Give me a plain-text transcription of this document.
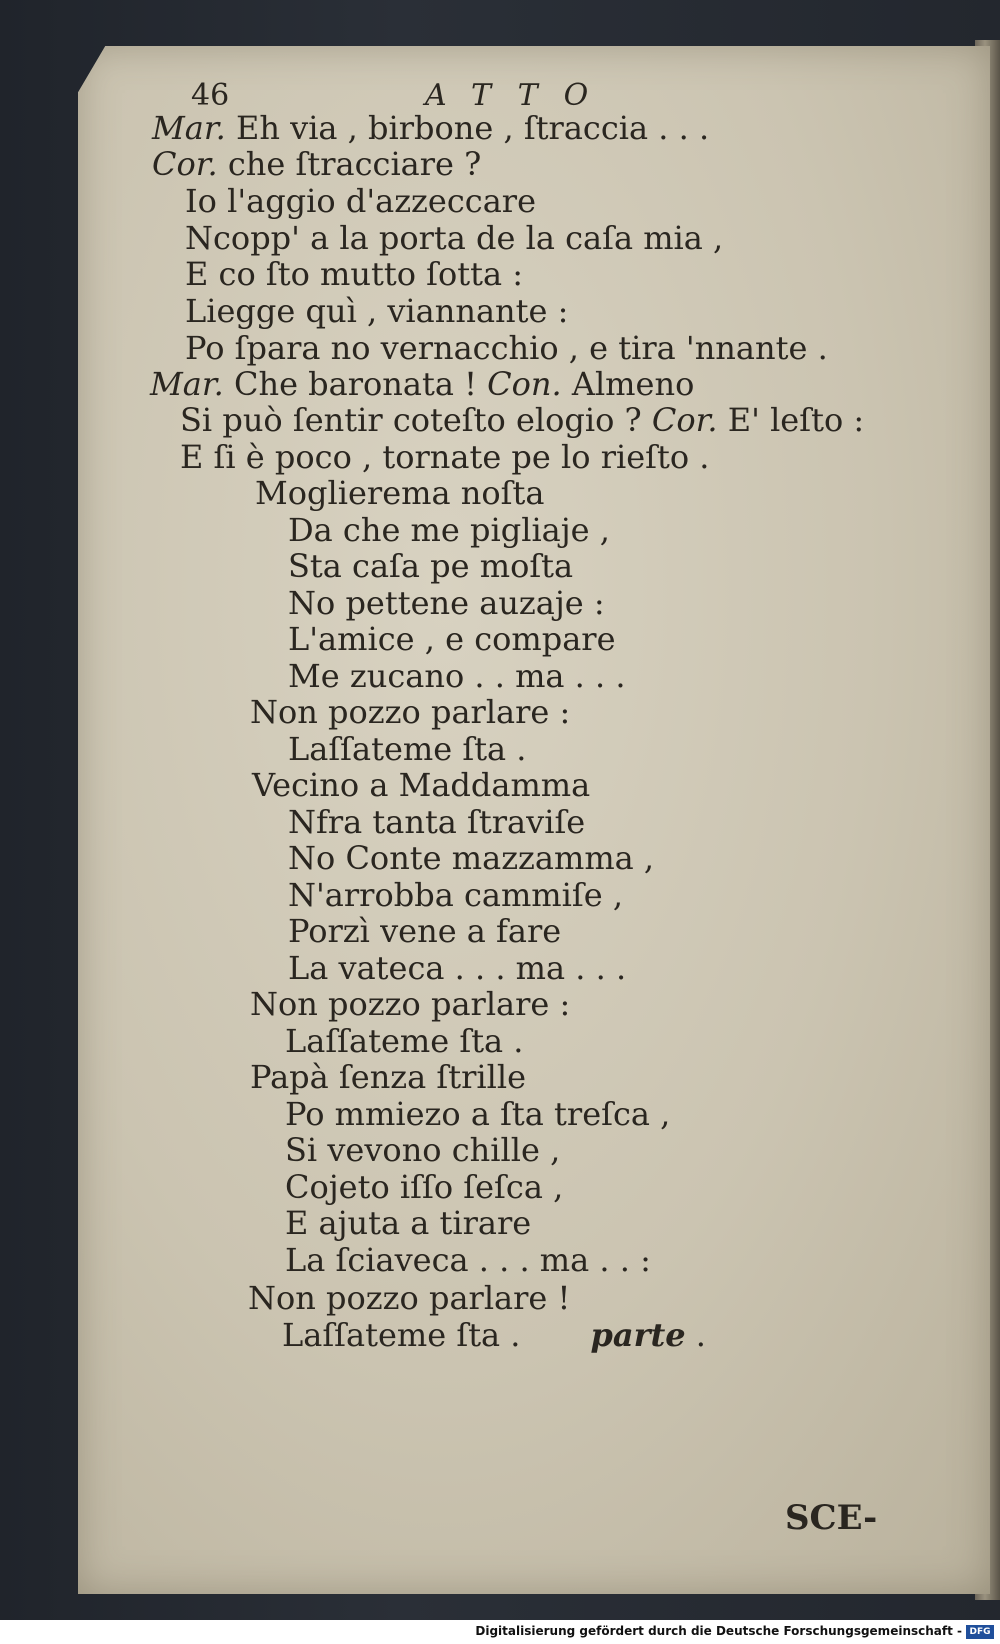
46	ATTO
Mar. Eh via , birbone , ſtraccia . . .
Cor. che ſtracciare ?
Io l'aggio d'azzeccare
Ncopp' a la porta de la caſa mia ,
E co ſto mutto ſotta :
Liegge quì , viannante :
Po ſpara no vernacchio , e tira 'nnante .
Mar. Che baronata ! Con. Almeno
Si può ſentir coteſto elogio ? Cor. E' leſto :
E ſi è poco , tornate pe lo rieſto .
Moglierema noſta
Da che me pigliaje ,
Sta caſa pe moſta
No pettene auzaje :
L'amice , e compare
Me zucano . . ma . . .
Non pozzo parlare :
Laſſateme ſta .
Vecino a Maddamma
Nfra tanta ſtraviſe
No Conte mazzamma ,
N'arrobba cammiſe ,
Porzì vene a fare
La vateca . . . ma . . .
Non pozzo parlare :
Laſſateme ſta .
Papà ſenza ſtrille
Po mmiezo a ſta treſca ,
Si vevono chille ,
Cojeto iſſo ſeſca ,
E ajuta a tirare
La ſciaveca . . . ma . . :
Non pozzo parlare !
Laſſateme ſta . parte .
SCE-
Digitalisierung gefördert durch die Deutsche Forschungsgemeinschaft - DFG
